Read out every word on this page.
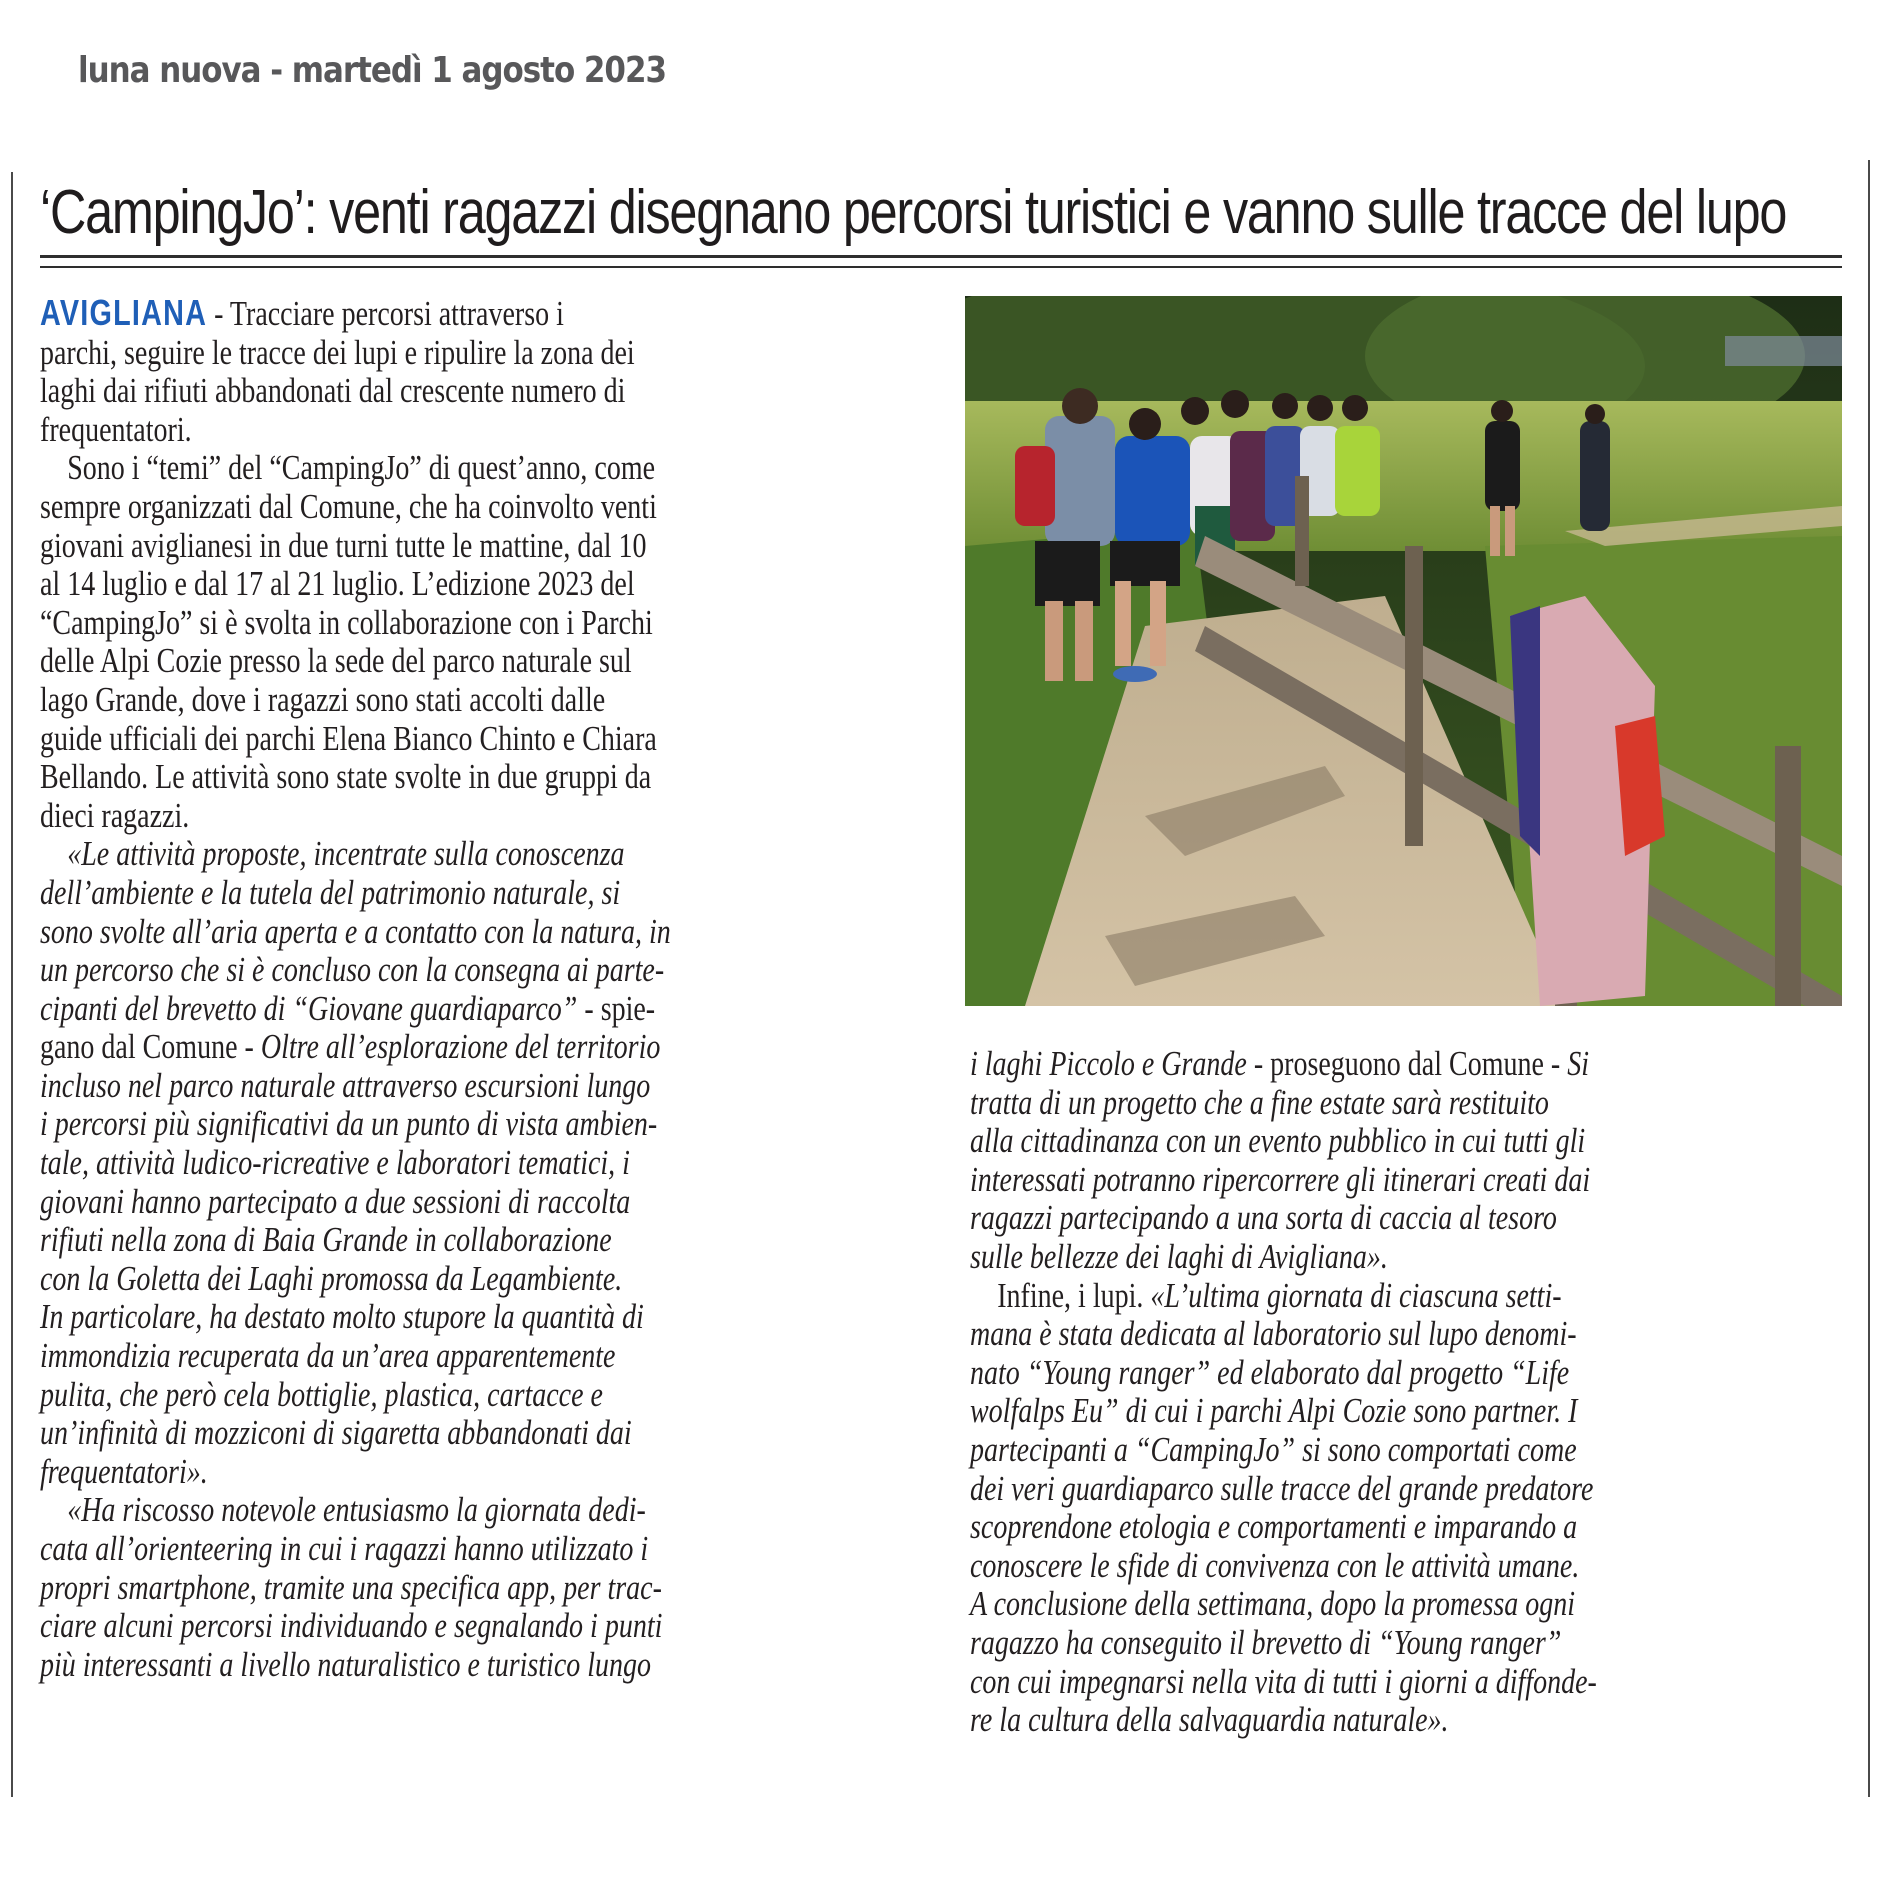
luna nuova - martedì 1 agosto 2023
‘CampingJo’: venti ragazzi disegnano percorsi turistici e vanno sulle tracce del lupo
AVIGLIANA - Tracciare percorsi attraverso i
parchi, seguire le tracce dei lupi e ripulire la zona dei
laghi dai rifiuti abbandonati dal crescente numero di
frequentatori.
Sono i “temi” del “CampingJo” di quest’anno, come
sempre organizzati dal Comune, che ha coinvolto venti
giovani aviglianesi in due turni tutte le mattine, dal 10
al 14 luglio e dal 17 al 21 luglio. L’edizione 2023 del
“CampingJo” si è svolta in collaborazione con i Parchi
delle Alpi Cozie presso la sede del parco naturale sul
lago Grande, dove i ragazzi sono stati accolti dalle
guide ufficiali dei parchi Elena Bianco Chinto e Chiara
Bellando. Le attività sono state svolte in due gruppi da
dieci ragazzi.
«Le attività proposte, incentrate sulla conoscenza
dell’ambiente e la tutela del patrimonio naturale, si
sono svolte all’aria aperta e a contatto con la natura, in
un percorso che si è concluso con la consegna ai parte-
cipanti del brevetto di “Giovane guardiaparco” - spie-
gano dal Comune - Oltre all’esplorazione del territorio
incluso nel parco naturale attraverso escursioni lungo
i percorsi più significativi da un punto di vista ambien-
tale, attività ludico-ricreative e laboratori tematici, i
giovani hanno partecipato a due sessioni di raccolta
rifiuti nella zona di Baia Grande in collaborazione
con la Goletta dei Laghi promossa da Legambiente.
In particolare, ha destato molto stupore la quantità di
immondizia recuperata da un’area apparentemente
pulita, che però cela bottiglie, plastica, cartacce e
un’infinità di mozziconi di sigaretta abbandonati dai
frequentatori».
«Ha riscosso notevole entusiasmo la giornata dedi-
cata all’orienteering in cui i ragazzi hanno utilizzato i
propri smartphone, tramite una specifica app, per trac-
ciare alcuni percorsi individuando e segnalando i punti
più interessanti a livello naturalistico e turistico lungo
i laghi Piccolo e Grande - proseguono dal Comune - Si
tratta di un progetto che a fine estate sarà restituito
alla cittadinanza con un evento pubblico in cui tutti gli
interessati potranno ripercorrere gli itinerari creati dai
ragazzi partecipando a una sorta di caccia al tesoro
sulle bellezze dei laghi di Avigliana».
Infine, i lupi. «L’ultima giornata di ciascuna setti-
mana è stata dedicata al laboratorio sul lupo denomi-
nato “Young ranger” ed elaborato dal progetto “Life
wolfalps Eu” di cui i parchi Alpi Cozie sono partner. I
partecipanti a “CampingJo” si sono comportati come
dei veri guardiaparco sulle tracce del grande predatore
scoprendone etologia e comportamenti e imparando a
conoscere le sfide di convivenza con le attività umane.
A conclusione della settimana, dopo la promessa ogni
ragazzo ha conseguito il brevetto di “Young ranger”
con cui impegnarsi nella vita di tutti i giorni a diffonde-
re la cultura della salvaguardia naturale».
